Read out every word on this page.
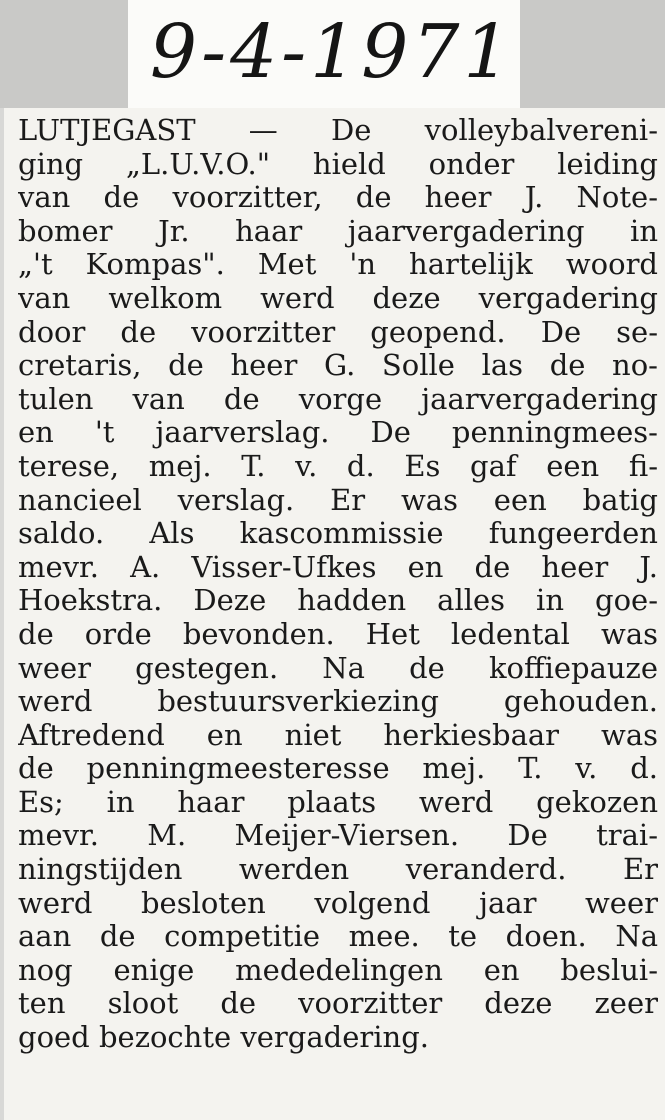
9-4-1971
LUTJEGAST — De volleybalvereni-
ging „L.U.V.O." hield onder leiding
van de voorzitter, de heer J. Note-
bomer Jr. haar jaarvergadering in
„'t Kompas". Met 'n hartelijk woord
van welkom werd deze vergadering
door de voorzitter geopend. De se-
cretaris, de heer G. Solle las de no-
tulen van de vorge jaarvergadering
en 't jaarverslag. De penningmees-
terese, mej. T. v. d. Es gaf een fi-
nancieel verslag. Er was een batig
saldo. Als kascommissie fungeerden
mevr. A. Visser-Ufkes en de heer J.
Hoekstra. Deze hadden alles in goe-
de orde bevonden. Het ledental was
weer gestegen. Na de koffiepauze
werd bestuursverkiezing gehouden.
Aftredend en niet herkiesbaar was
de penningmeesteresse mej. T. v. d.
Es; in haar plaats werd gekozen
mevr. M. Meijer-Viersen. De trai-
ningstijden werden veranderd. Er
werd besloten volgend jaar weer
aan de competitie mee. te doen. Na
nog enige mededelingen en beslui-
ten sloot de voorzitter deze zeer
goed bezochte vergadering.
